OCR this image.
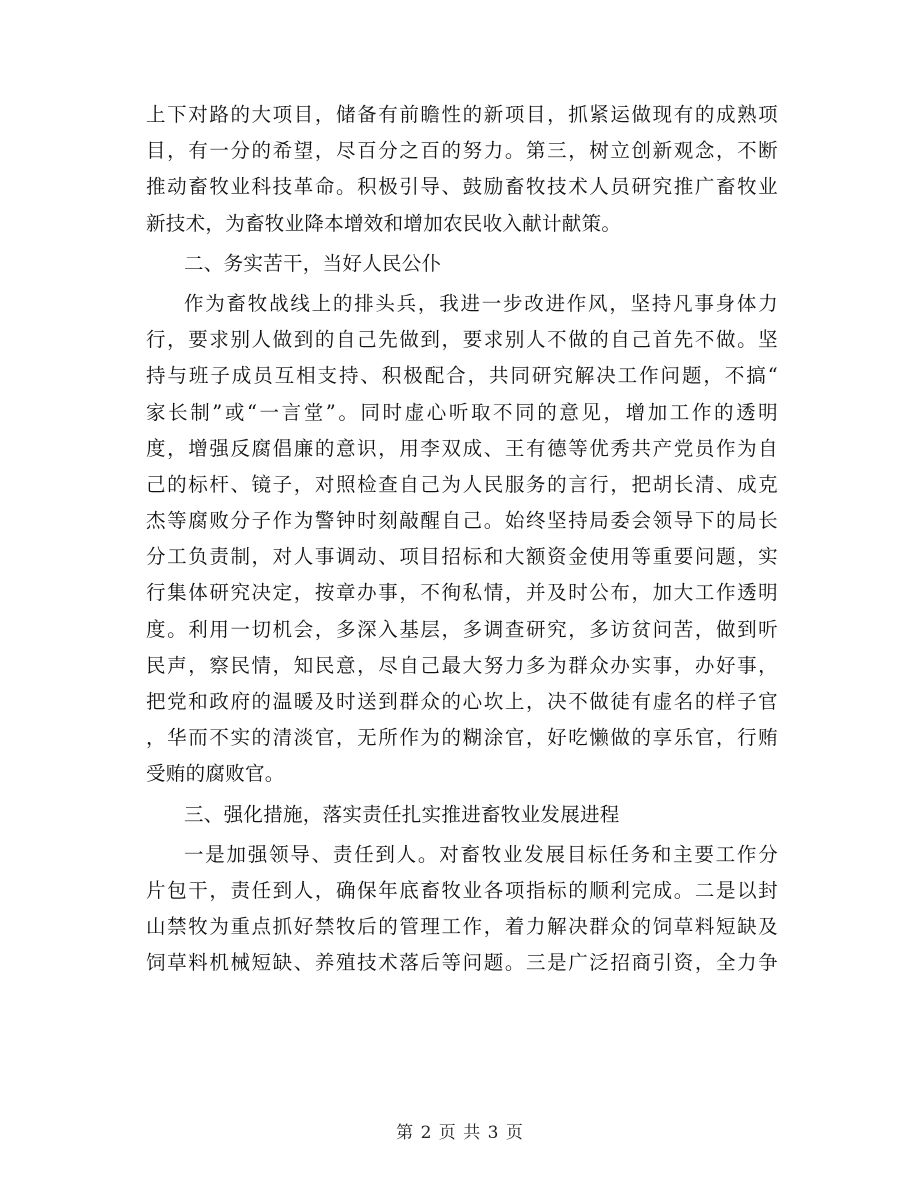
上下对路的大项目，储备有前瞻性的新项目，抓紧运做现有的成熟项
目，有一分的希望，尽百分之百的努力。第三，树立创新观念，不断
推动畜牧业科技革命。积极引导、鼓励畜牧技术人员研究推广畜牧业
新技术，为畜牧业降本增效和增加农民收入献计献策。
二、务实苦干，当好人民公仆
作为畜牧战线上的排头兵，我进一步改进作风，坚持凡事身体力
行，要求别人做到的自己先做到，要求别人不做的自己首先不做。坚
持与班子成员互相支持、积极配合，共同研究解决工作问题，不搞“
家长制”或“一言堂”。同时虚心听取不同的意见，增加工作的透明
度，增强反腐倡廉的意识，用李双成、王有德等优秀共产党员作为自
己的标杆、镜子，对照检查自己为人民服务的言行，把胡长清、成克
杰等腐败分子作为警钟时刻敲醒自己。始终坚持局委会领导下的局长
分工负责制，对人事调动、项目招标和大额资金使用等重要问题，实
行集体研究决定，按章办事，不徇私情，并及时公布，加大工作透明
度。利用一切机会，多深入基层，多调查研究，多访贫问苦，做到听
民声，察民情，知民意，尽自己最大努力多为群众办实事，办好事，
把党和政府的温暖及时送到群众的心坎上，决不做徒有虚名的样子官
，华而不实的清淡官，无所作为的糊涂官，好吃懒做的享乐官，行贿
受贿的腐败官。
三、强化措施，落实责任扎实推进畜牧业发展进程
一是加强领导、责任到人。对畜牧业发展目标任务和主要工作分
片包干，责任到人，确保年底畜牧业各项指标的顺利完成。二是以封
山禁牧为重点抓好禁牧后的管理工作，着力解决群众的饲草料短缺及
饲草料机械短缺、养殖技术落后等问题。三是广泛招商引资，全力争
第 2 页 共 3 页
